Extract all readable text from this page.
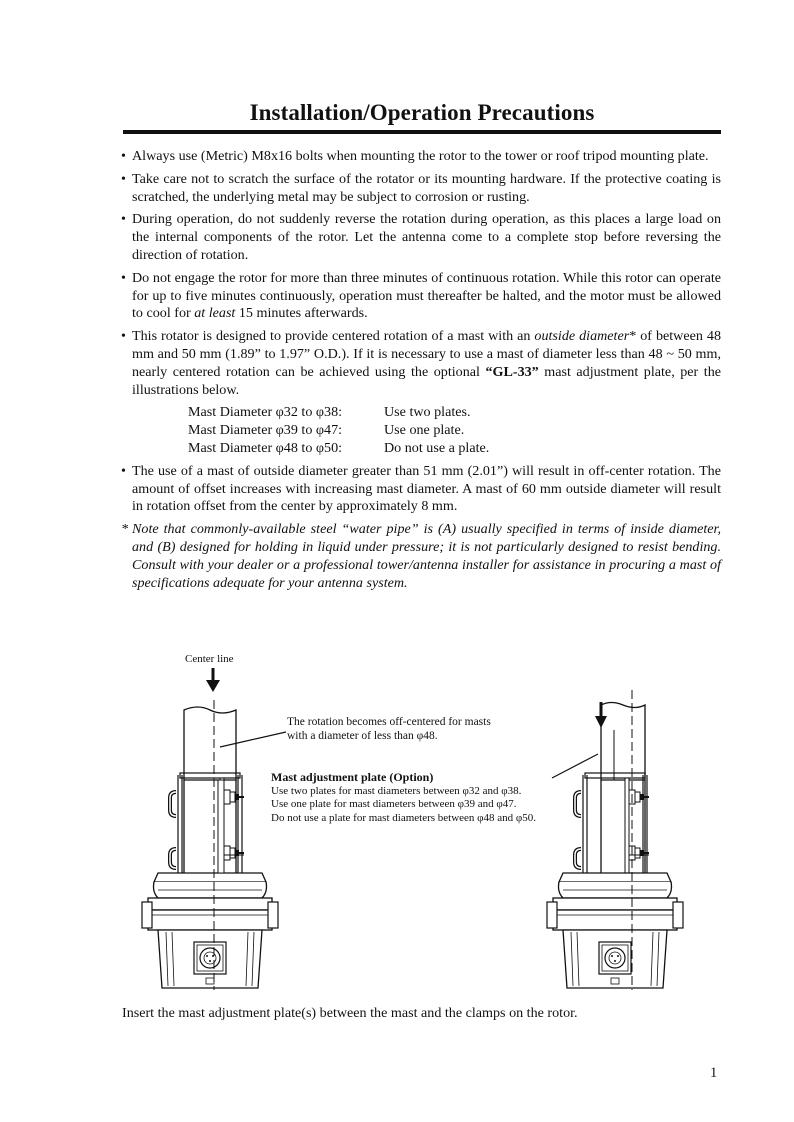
Installation/Operation Precautions
• Always use (Metric) M8x16 bolts when mounting the rotor to the tower or roof tripod mounting plate.
• Take care not to scratch the surface of the rotator or its mounting hardware. If the protective coating is scratched, the underlying metal may be subject to corrosion or rusting.
• During operation, do not suddenly reverse the rotation during operation, as this places a large load on the internal components of the rotor. Let the antenna come to a complete stop before reversing the direction of rotation.
• Do not engage the rotor for more than three minutes of continuous rotation. While this rotor can operate for up to five minutes continuously, operation must thereafter be halted, and the motor must be allowed to cool for at least 15 minutes afterwards.
• This rotator is designed to provide centered rotation of a mast with an outside diameter* of between 48 mm and 50 mm (1.89” to 1.97” O.D.). If it is necessary to use a mast of diameter less than 48 ~ 50 mm, nearly centered rotation can be achieved using the optional “GL-33” mast adjustment plate, per the illustrations below.
Mast Diameter φ32 to φ38:	Use two plates.
Mast Diameter φ39 to φ47:	Use one plate.
Mast Diameter φ48 to φ50:	Do not use a plate.
• The use of a mast of outside diameter greater than 51 mm (2.01”) will result in off-center rotation. The amount of offset increases with increasing mast diameter. A mast of 60 mm outside diameter will result in rotation offset from the center by approximately 8 mm.
* Note that commonly-available steel “water pipe” is (A) usually specified in terms of inside diameter, and (B) designed for holding in liquid under pressure; it is not particularly designed to resist bending. Consult with your dealer or a professional tower/antenna installer for assistance in procuring a mast of specifications adequate for your antenna system.
Center line
The rotation becomes off-centered for masts
with a diameter of less than φ48.
Mast adjustment plate (Option)
Use two plates for mast diameters between φ32 and φ38.
Use one plate for mast diameters between φ39 and φ47.
Do not use a plate for mast diameters between φ48 and φ50.
Insert the mast adjustment plate(s) between the mast and the clamps on the rotor.
1
